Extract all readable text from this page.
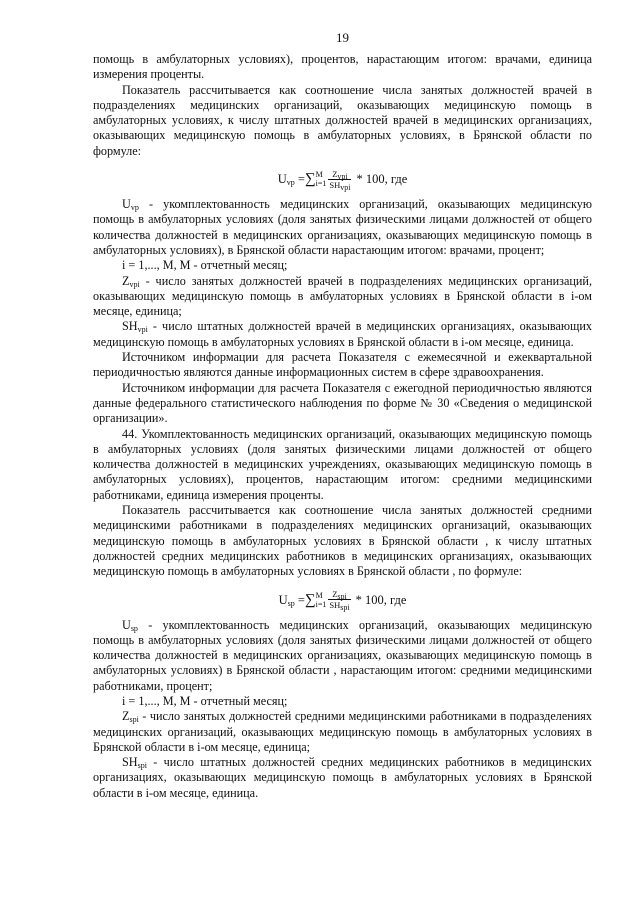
19

помощь в амбулаторных условиях), процентов, нарастающим итогом: врачами, единица измерения проценты.

Показатель рассчитывается как соотношение числа занятых должностей врачей в подразделениях медицинских организаций, оказывающих медицинскую помощь в амбулаторных условиях, к числу штатных должностей врачей в медицинских организациях, оказывающих медицинскую помощь в амбулаторных условиях, в Брянской области по формуле:

$U_{vp}$ =∑ M
$i=1 \frac{Z_{vpi}}{SH_{vpi}} * 100$, где

$U_{vp}$ - укомплектованность медицинских организаций, оказывающих медицинскую помощь в амбулаторных условиях (доля занятых физическими лицами должностей от общего количества должностей в медицинских организациях, оказывающих медицинскую помощь в амбулаторных условиях), в Брянской области нарастающим итогом: врачами, процент;

i = 1,..., M, M - отчетный месяц;

$Z_{vpi}$ - число занятых должностей врачей в подразделениях медицинских организаций, оказывающих медицинскую помощь в амбулаторных условиях в Брянской области в i-ом месяце, единица;

$SH_{vpi}$ - число штатных должностей врачей в медицинских организациях, оказывающих медицинскую помощь в амбулаторных условиях в Брянской области в i-ом месяце, единица.

Источником информации для расчета Показателя с ежемесячной и ежеквартальной периодичностью являются данные информационных систем в сфере здравоохранения.

Источником информации для расчета Показателя с ежегодной периодичностью являются данные федерального статистического наблюдения по форме № 30 «Сведения о медицинской организации».

44. Укомплектованность медицинских организаций, оказывающих медицинскую помощь в амбулаторных условиях (доля занятых физическими лицами должностей от общего количества должностей в медицинских учреждениях, оказывающих медицинскую помощь в амбулаторных условиях), процентов, нарастающим итогом: средними медицинскими работниками, единица измерения проценты.

Показатель рассчитывается как соотношение числа занятых должностей средними медицинскими работниками в подразделениях медицинских организаций, оказывающих медицинскую помощь в амбулаторных условиях в Брянской области , к числу штатных должностей средних медицинских работников в медицинских организациях, оказывающих медицинскую помощь в амбулаторных условиях в Брянской области , по формуле:

$U_{sp}$ =∑ M
$i=1 \frac{Z_{spi}}{SH_{spi}} * 100$, где

$U_{sp}$ - укомплектованность медицинских организаций, оказывающих медицинскую помощь в амбулаторных условиях (доля занятых физическими лицами должностей от общего количества должностей в медицинских организациях, оказывающих медицинскую помощь в амбулаторных условиях) в Брянской области , нарастающим итогом: средними медицинскими работниками, процент;

i = 1,..., M, M - отчетный месяц;

$Z_{spi}$ - число занятых должностей средними медицинскими работниками в подразделениях медицинских организаций, оказывающих медицинскую помощь в амбулаторных условиях в Брянской области в i-ом месяце, единица;

$SH_{spi}$ - число штатных должностей средних медицинских работников в медицинских организациях, оказывающих медицинскую помощь в амбулаторных условиях в Брянской области в i-ом месяце, единица.
